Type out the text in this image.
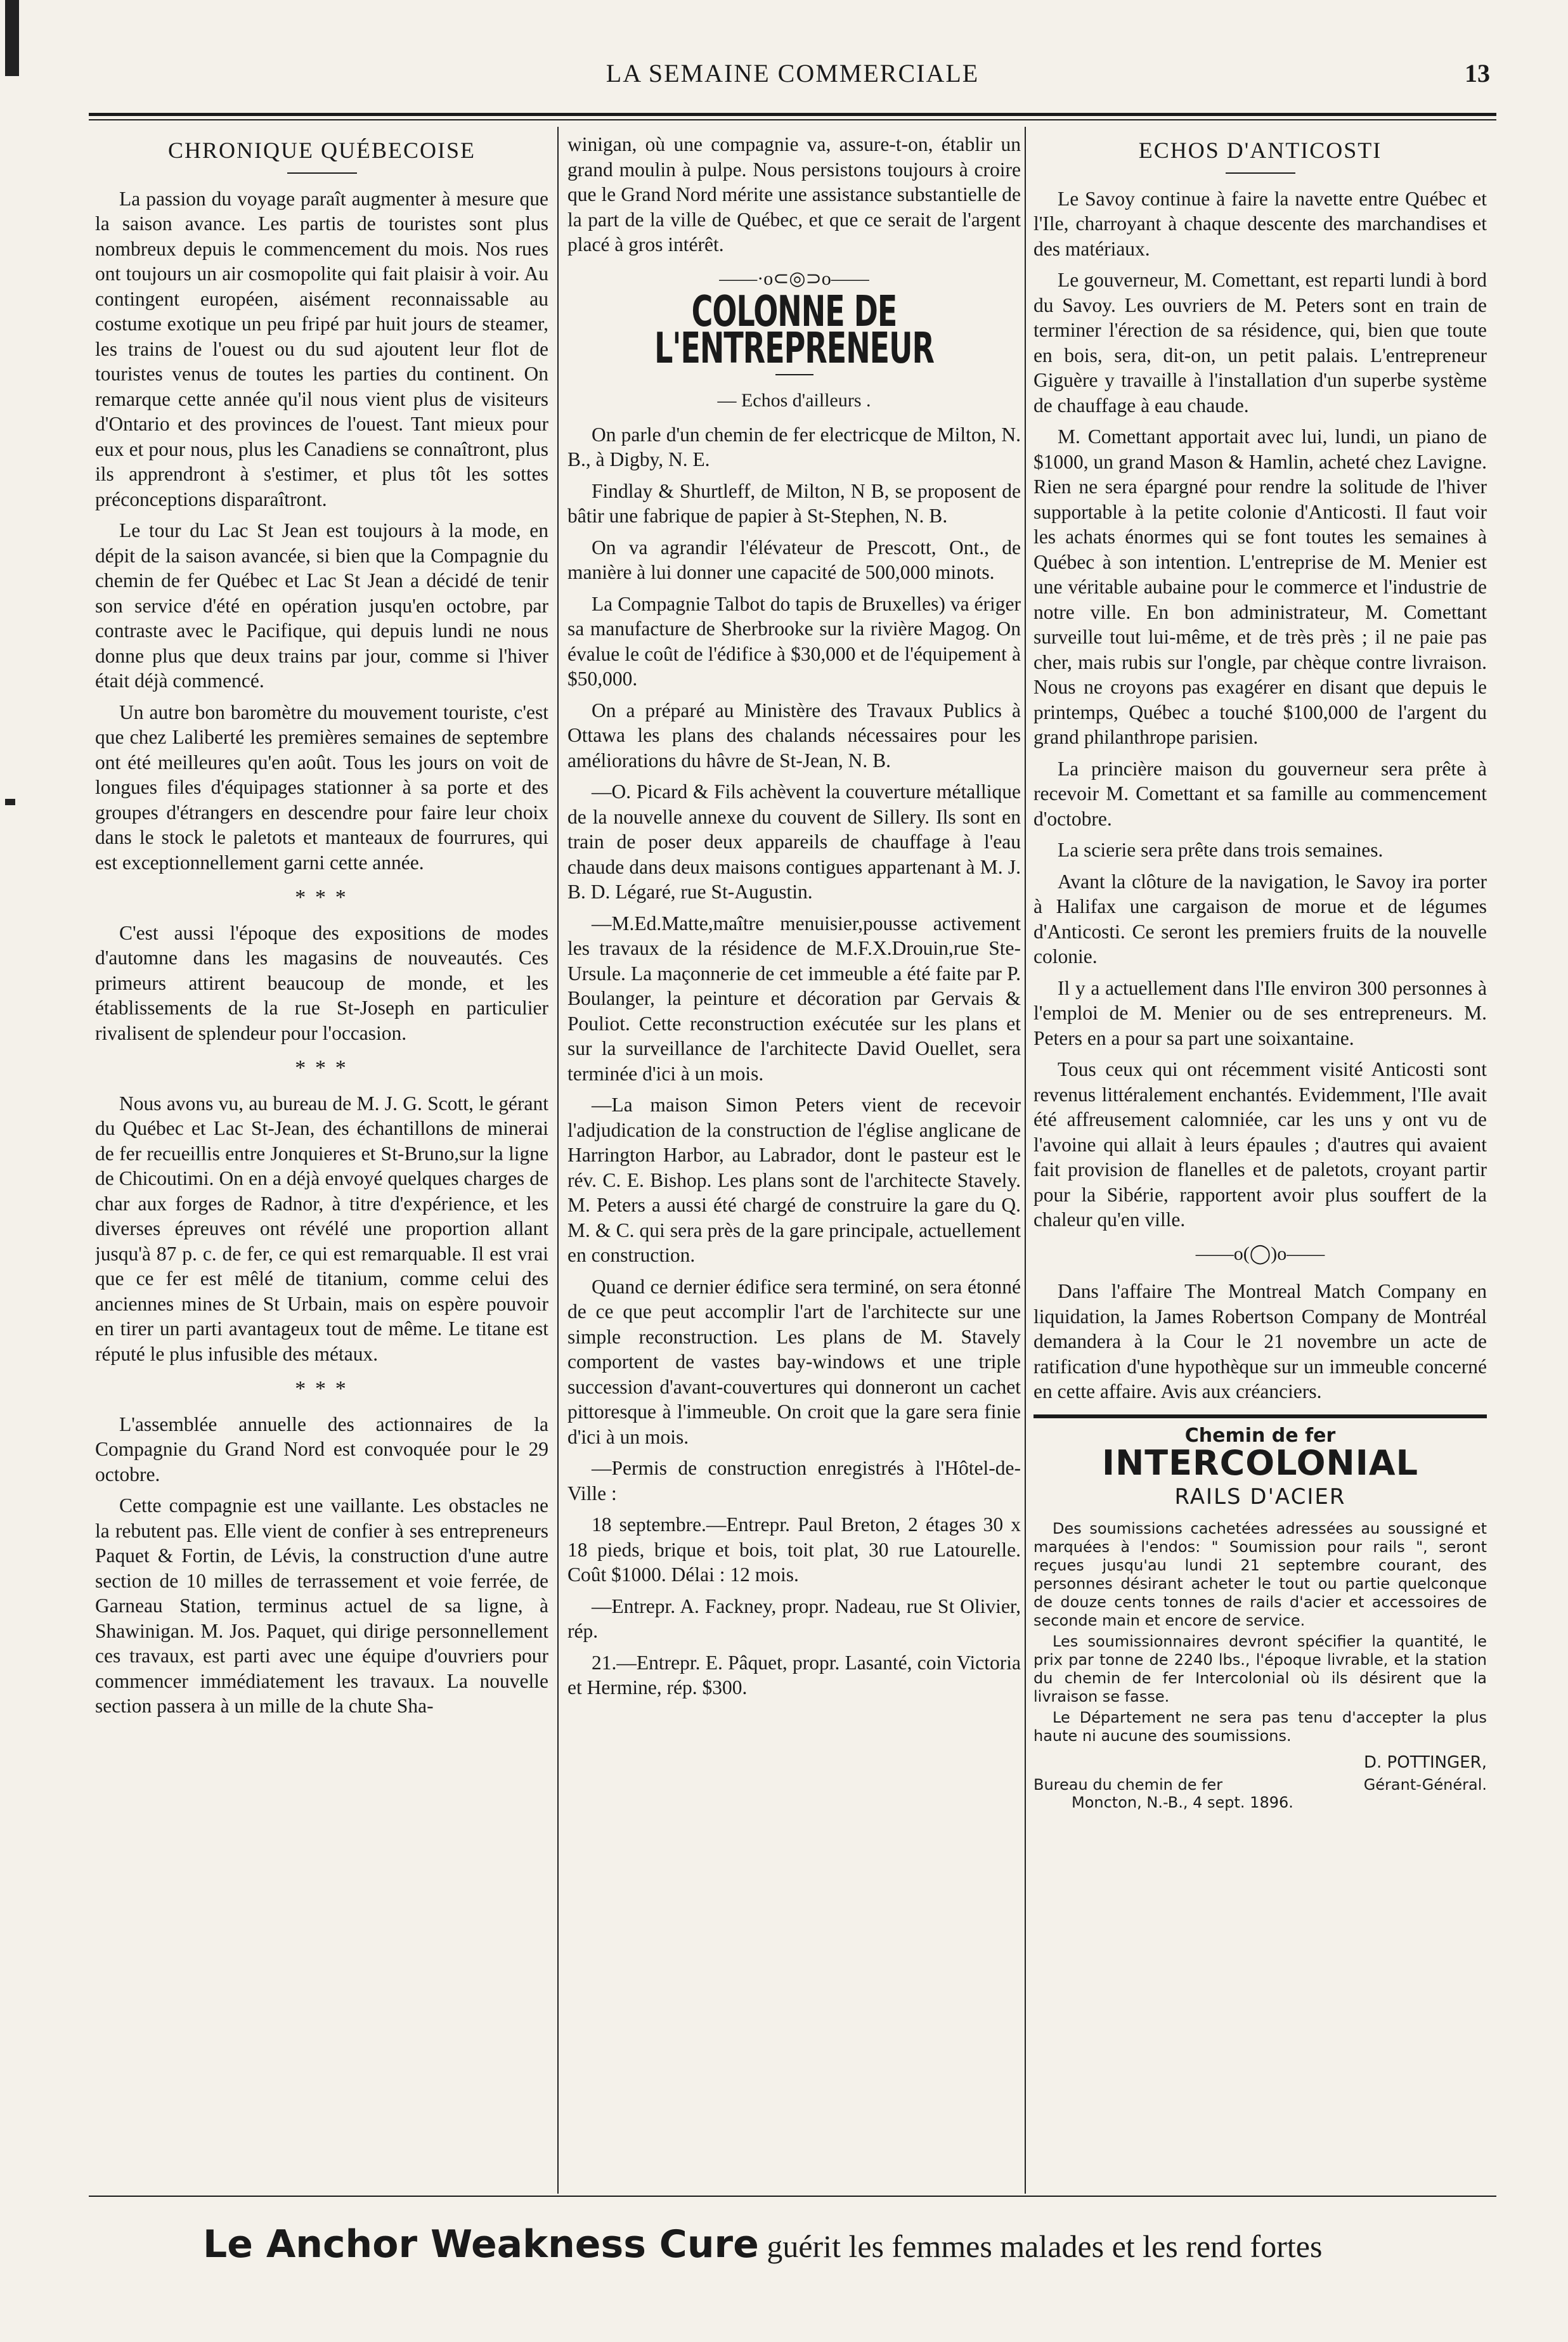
LA SEMAINE COMMERCIALE	13
CHRONIQUE QUÉBECOISE

La passion du voyage paraît augmenter à mesure que la saison avance. Les partis de touristes sont plus nombreux depuis le commencement du mois. Nos rues ont toujours un air cosmopolite qui fait plaisir à voir. Au contingent européen, aisément reconnaissable au costume exotique un peu fripé par huit jours de steamer, les trains de l'ouest ou du sud ajoutent leur flot de touristes venus de toutes les parties du continent. On remarque cette année qu'il nous vient plus de visiteurs d'Ontario et des provinces de l'ouest. Tant mieux pour eux et pour nous, plus les Canadiens se connaîtront, plus ils apprendront à s'estimer, et plus tôt les sottes préconceptions disparaîtront.

Le tour du Lac St Jean est toujours à la mode, en dépit de la saison avancée, si bien que la Compagnie du chemin de fer Québec et Lac St Jean a décidé de tenir son service d'été en opération jusqu'en octobre, par contraste avec le Pacifique, qui depuis lundi ne nous donne plus que deux trains par jour, comme si l'hiver était déjà commencé.

Un autre bon baromètre du mouvement touriste, c'est que chez Laliberté les premières semaines de septembre ont été meilleures qu'en août. Tous les jours on voit de longues files d'équipages stationner à sa porte et des groupes d'étrangers en descendre pour faire leur choix dans le stock le paletots et manteaux de fourrures, qui est exceptionnellement garni cette année.

* * *

C'est aussi l'époque des expositions de modes d'automne dans les magasins de nouveautés. Ces primeurs attirent beaucoup de monde, et les établissements de la rue St-Joseph en particulier rivalisent de splendeur pour l'occasion.

* * *

Nous avons vu, au bureau de M. J. G. Scott, le gérant du Québec et Lac St-Jean, des échantillons de minerai de fer recueillis entre Jonquieres et St-Bruno,sur la ligne de Chicoutimi. On en a déjà envoyé quelques charges de char aux forges de Radnor, à titre d'expérience, et les diverses épreuves ont révélé une proportion allant jusqu'à 87 p. c. de fer, ce qui est remarquable. Il est vrai que ce fer est mêlé de titanium, comme celui des anciennes mines de St Urbain, mais on espère pouvoir en tirer un parti avantageux tout de même. Le titane est réputé le plus infusible des métaux.

* * *

L'assemblée annuelle des actionnaires de la Compagnie du Grand Nord est convoquée pour le 29 octobre.

Cette compagnie est une vaillante. Les obstacles ne la rebutent pas. Elle vient de confier à ses entrepreneurs Paquet & Fortin, de Lévis, la construction d'une autre section de 10 milles de terrassement et voie ferrée, de Garneau Station, terminus actuel de sa ligne, à Shawinigan. M. Jos. Paquet, qui dirige personnellement ces travaux, est parti avec une équipe d'ouvriers pour commencer immédiatement les travaux. La nouvelle section passera à un mille de la chute Sha-

winigan, où une compagnie va, assure-t-on, établir un grand moulin à pulpe. Nous persistons toujours à croire que le Grand Nord mérite une assistance substantielle de la part de la ville de Québec, et que ce serait de l'argent placé à gros intérêt.

——·o⊂◎⊃o——
COLONNE DE L'ENTREPRENEUR
— Echos d'ailleurs .

On parle d'un chemin de fer electricque de Milton, N. B., à Digby, N. E.

Findlay & Shurtleff, de Milton, N B, se proposent de bâtir une fabrique de papier à St-Stephen, N. B.

On va agrandir l'élévateur de Prescott, Ont., de manière à lui donner une capacité de 500,000 minots.

La Compagnie Talbot do tapis de Bruxelles) va ériger sa manufacture de Sherbrooke sur la rivière Magog. On évalue le coût de l'édifice à $30,000 et de l'équipement à $50,000.

On a préparé au Ministère des Travaux Publics à Ottawa les plans des chalands nécessaires pour les améliorations du hâvre de St-Jean, N. B.

—O. Picard & Fils achèvent la couverture métallique de la nouvelle annexe du couvent de Sillery. Ils sont en train de poser deux appareils de chauffage à l'eau chaude dans deux maisons contigues appartenant à M. J. B. D. Légaré, rue St-Augustin.

—M.Ed.Matte,maître menuisier,pousse activement les travaux de la résidence de M.F.X.Drouin,rue Ste-Ursule. La maçonnerie de cet immeuble a été faite par P. Boulanger, la peinture et décoration par Gervais & Pouliot. Cette reconstruction exécutée sur les plans et sur la surveillance de l'architecte David Ouellet, sera terminée d'ici à un mois.

—La maison Simon Peters vient de recevoir l'adjudication de la construction de l'église anglicane de Harrington Harbor, au Labrador, dont le pasteur est le rév. C. E. Bishop. Les plans sont de l'architecte Stavely. M. Peters a aussi été chargé de construire la gare du Q. M. & C. qui sera près de la gare principale, actuellement en construction.

Quand ce dernier édifice sera terminé, on sera étonné de ce que peut accomplir l'art de l'architecte sur une simple reconstruction. Les plans de M. Stavely comportent de vastes bay-windows et une triple succession d'avant-couvertures qui donneront un cachet pittoresque à l'immeuble. On croit que la gare sera finie d'ici à un mois.

—Permis de construction enregistrés à l'Hôtel-de-Ville :

18 septembre.—Entrepr. Paul Breton, 2 étages 30 x 18 pieds, brique et bois, toit plat, 30 rue Latourelle. Coût $1000. Délai : 12 mois.

—Entrepr. A. Fackney, propr. Nadeau, rue St Olivier, rép.

21.—Entrepr. E. Pâquet, propr. Lasanté, coin Victoria et Hermine, rép. $300.

ECHOS D'ANTICOSTI

Le Savoy continue à faire la navette entre Québec et l'Ile, charroyant à chaque descente des marchandises et des matériaux.

Le gouverneur, M. Comettant, est reparti lundi à bord du Savoy. Les ouvriers de M. Peters sont en train de terminer l'érection de sa résidence, qui, bien que toute en bois, sera, dit-on, un petit palais. L'entrepreneur Giguère y travaille à l'installation d'un superbe système de chauffage à eau chaude.

M. Comettant apportait avec lui, lundi, un piano de $1000, un grand Mason & Hamlin, acheté chez Lavigne. Rien ne sera épargné pour rendre la solitude de l'hiver supportable à la petite colonie d'Anticosti. Il faut voir les achats énormes qui se font toutes les semaines à Québec à son intention. L'entreprise de M. Menier est une véritable aubaine pour le commerce et l'industrie de notre ville. En bon administrateur, M. Comettant surveille tout lui-même, et de très près ; il ne paie pas cher, mais rubis sur l'ongle, par chèque contre livraison. Nous ne croyons pas exagérer en disant que depuis le printemps, Québec a touché $100,000 de l'argent du grand philanthrope parisien.

La princière maison du gouverneur sera prête à recevoir M. Comettant et sa famille au commencement d'octobre.

La scierie sera prête dans trois semaines.

Avant la clôture de la navigation, le Savoy ira porter à Halifax une cargaison de morue et de légumes d'Anticosti. Ce seront les premiers fruits de la nouvelle colonie.

Il y a actuellement dans l'Ile environ 300 personnes à l'emploi de M. Menier ou de ses entrepreneurs. M. Peters en a pour sa part une soixantaine.

Tous ceux qui ont récemment visité Anticosti sont revenus littéralement enchantés. Evidemment, l'Ile avait été affreusement calomniée, car les uns y ont vu de l'avoine qui allait à leurs épaules ; d'autres qui avaient fait provision de flanelles et de paletots, croyant partir pour la Sibérie, rapportent avoir plus souffert de la chaleur qu'en ville.

——o(◯)o——

Dans l'affaire The Montreal Match Company en liquidation, la James Robertson Company de Montréal demandera à la Cour le 21 novembre un acte de ratification d'une hypothèque sur un immeuble concerné en cette affaire. Avis aux créanciers.

Chemin de fer
INTERCOLONIAL
RAILS D'ACIER

Des soumissions cachetées adressées au soussigné et marquées à l'endos: " Soumission pour rails ", seront reçues jusqu'au lundi 21 septembre courant, des personnes désirant acheter le tout ou partie quelconque de douze cents tonnes de rails d'acier et accessoires de seconde main et encore de service.

Les soumissionnaires devront spécifier la quantité, le prix par tonne de 2240 lbs., l'époque livrable, et la station du chemin de fer Intercolonial où ils désirent que la livraison se fasse.

Le Département ne sera pas tenu d'accepter la plus haute ni aucune des soumissions.

D. POTTINGER,
Bureau du chemin de fer	Gérant-Général.
Moncton, N.-B., 4 sept. 1896.
Le Anchor Weakness Cure guérit les femmes malades et les rend fortes
